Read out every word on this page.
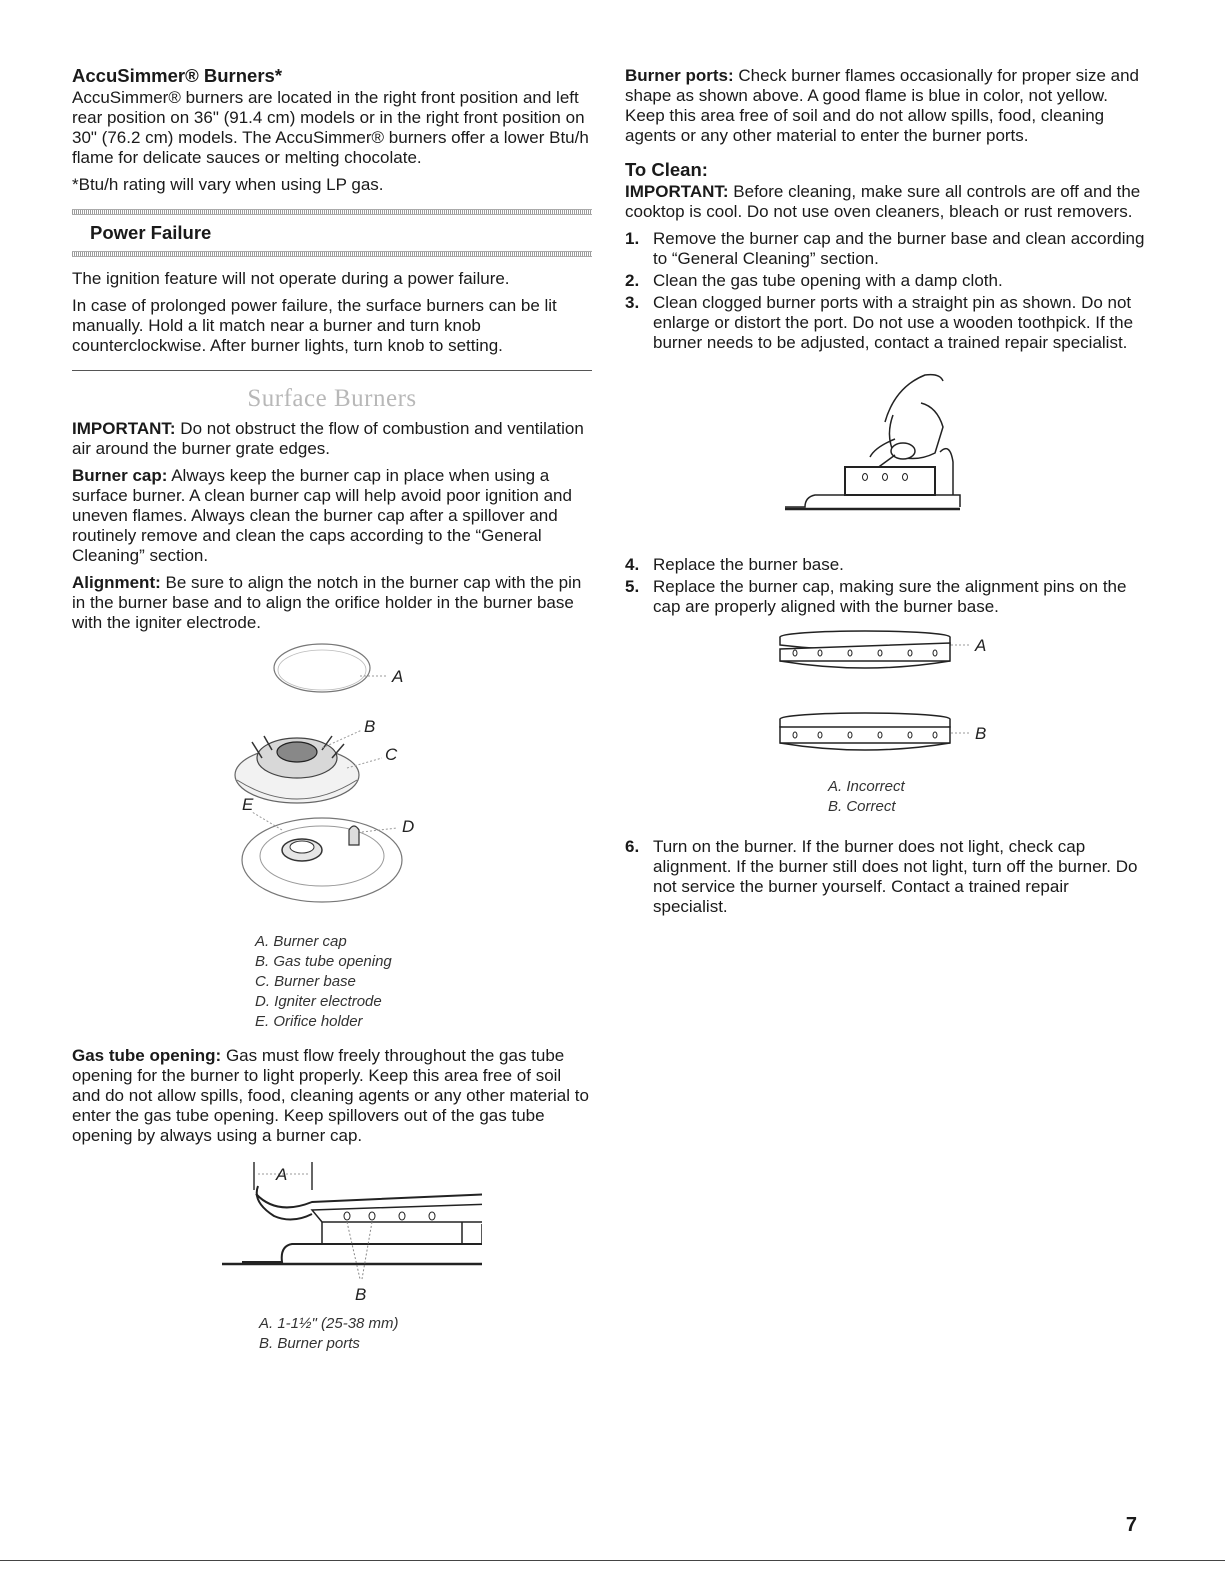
AccuSimmer® Burners*

AccuSimmer® burners are located in the right front position and left rear position on 36" (91.4 cm) models or in the right front position on 30" (76.2 cm) models. The AccuSimmer® burners offer a lower Btu/h flame for delicate sauces or melting chocolate.

*Btu/h rating will vary when using LP gas.

Power Failure

The ignition feature will not operate during a power failure.

In case of prolonged power failure, the surface burners can be lit manually. Hold a lit match near a burner and turn knob counterclockwise. After burner lights, turn knob to setting.

Surface Burners

IMPORTANT: Do not obstruct the flow of combustion and ventilation air around the burner grate edges.

Burner cap: Always keep the burner cap in place when using a surface burner. A clean burner cap will help avoid poor ignition and uneven flames. Always clean the burner cap after a spillover and routinely remove and clean the caps according to the “General Cleaning” section.

Alignment: Be sure to align the notch in the burner cap with the pin in the burner base and to align the orifice holder in the burner base with the igniter electrode.

A
B
C
E
D
A. Burner cap
B. Gas tube opening
C. Burner base
D. Igniter electrode
E. Orifice holder

Gas tube opening: Gas must flow freely throughout the gas tube opening for the burner to light properly. Keep this area free of soil and do not allow spills, food, cleaning agents or any other material to enter the gas tube opening. Keep spillovers out of the gas tube opening by always using a burner cap.

A
B
A. 1-1½" (25-38 mm)
B. Burner ports

Burner ports: Check burner flames occasionally for proper size and shape as shown above. A good flame is blue in color, not yellow. Keep this area free of soil and do not allow spills, food, cleaning agents or any other material to enter the burner ports.

To Clean:

IMPORTANT: Before cleaning, make sure all controls are off and the cooktop is cool. Do not use oven cleaners, bleach or rust removers.

1. Remove the burner cap and the burner base and clean according to “General Cleaning” section.
2. Clean the gas tube opening with a damp cloth.
3. Clean clogged burner ports with a straight pin as shown. Do not enlarge or distort the port. Do not use a wooden toothpick. If the burner needs to be adjusted, contact a trained repair specialist.
4. Replace the burner base.
5. Replace the burner cap, making sure the alignment pins on the cap are properly aligned with the burner base.
A
B
A. Incorrect
B. Correct
6. Turn on the burner. If the burner does not light, check cap alignment. If the burner still does not light, turn off the burner. Do not service the burner yourself. Contact a trained repair specialist.
7
